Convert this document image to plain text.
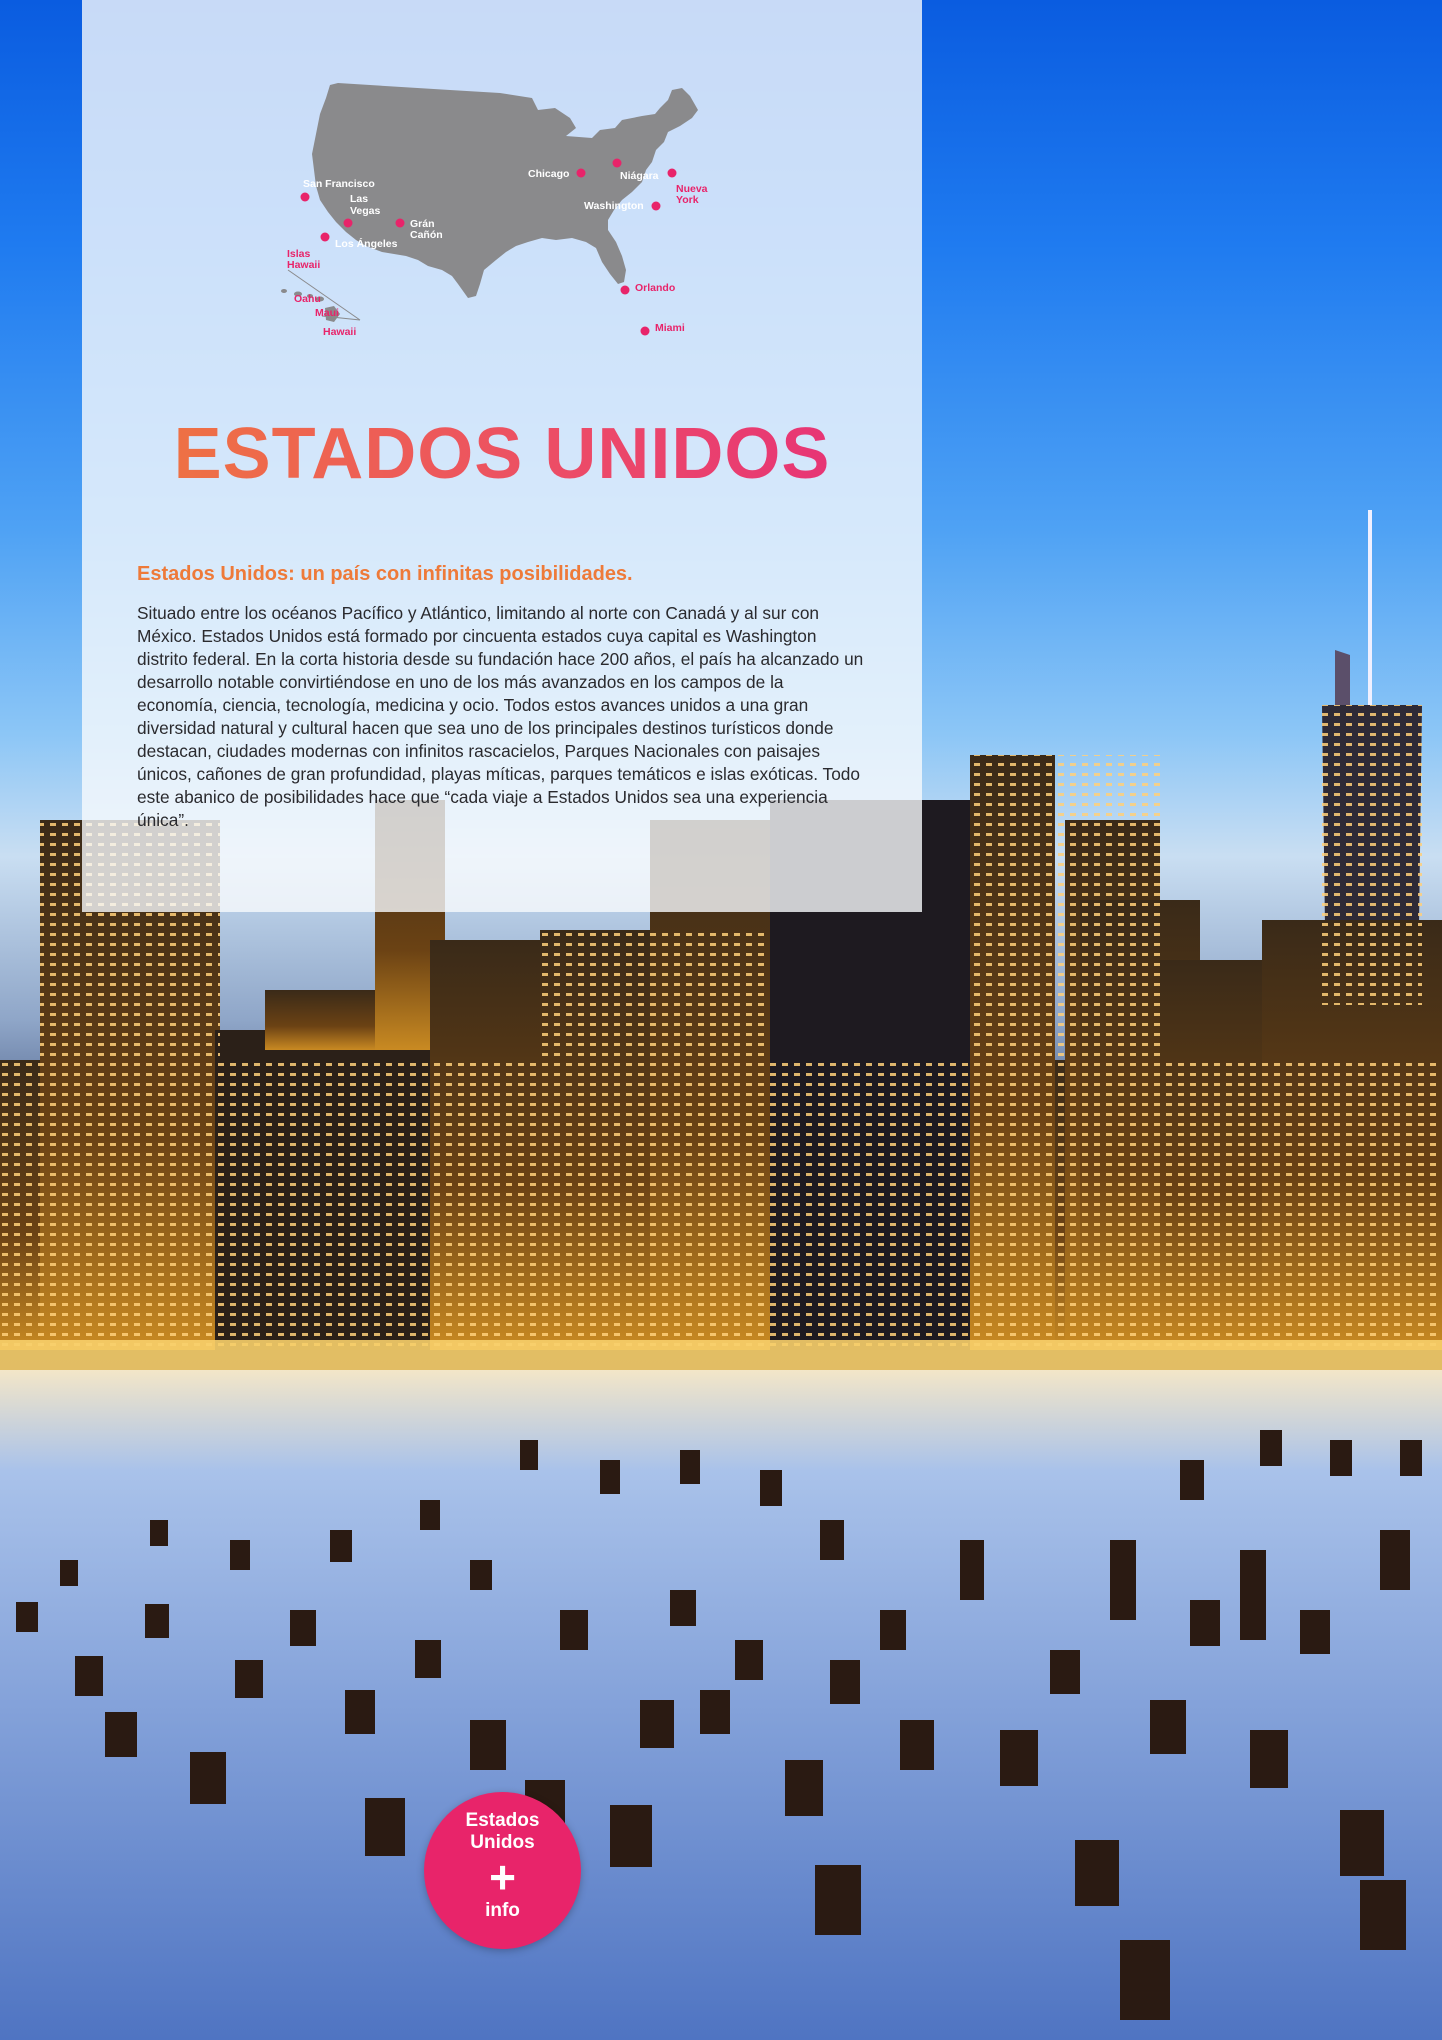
San Francisco
Las
Vegas
Grán
Cañón
Los Ángeles
Chicago	Niágara
Washington
Islas
Hawaii
Oahu
Maui
Hawaii
Nueva
York
Orlando
Miami
ESTADOS UNIDOS
Estados Unidos: un país con infinitas posibilidades.

Situado entre los océanos Pacífico y Atlántico, limitando al norte con Canadá y al sur con México. Estados Unidos está formado por cincuenta estados cuya capital es Washington distrito federal. En la corta historia desde su fundación hace 200 años, el país ha alcanzado un desarrollo notable convirtiéndose en uno de los más avanzados en los campos de la economía, ciencia, tecnología, medicina y ocio. Todos estos avances unidos a una gran diversidad natural y cultural hacen que sea uno de los principales destinos turísticos donde destacan, ciudades modernas con infinitos rascacielos, Parques Nacionales con paisajes únicos, cañones de gran profundidad, playas míticas, parques temáticos e islas exóticas. Todo este abanico de posibilidades hace que “cada viaje a Estados Unidos sea una experiencia única”.

Estados
Unidos
+
info
